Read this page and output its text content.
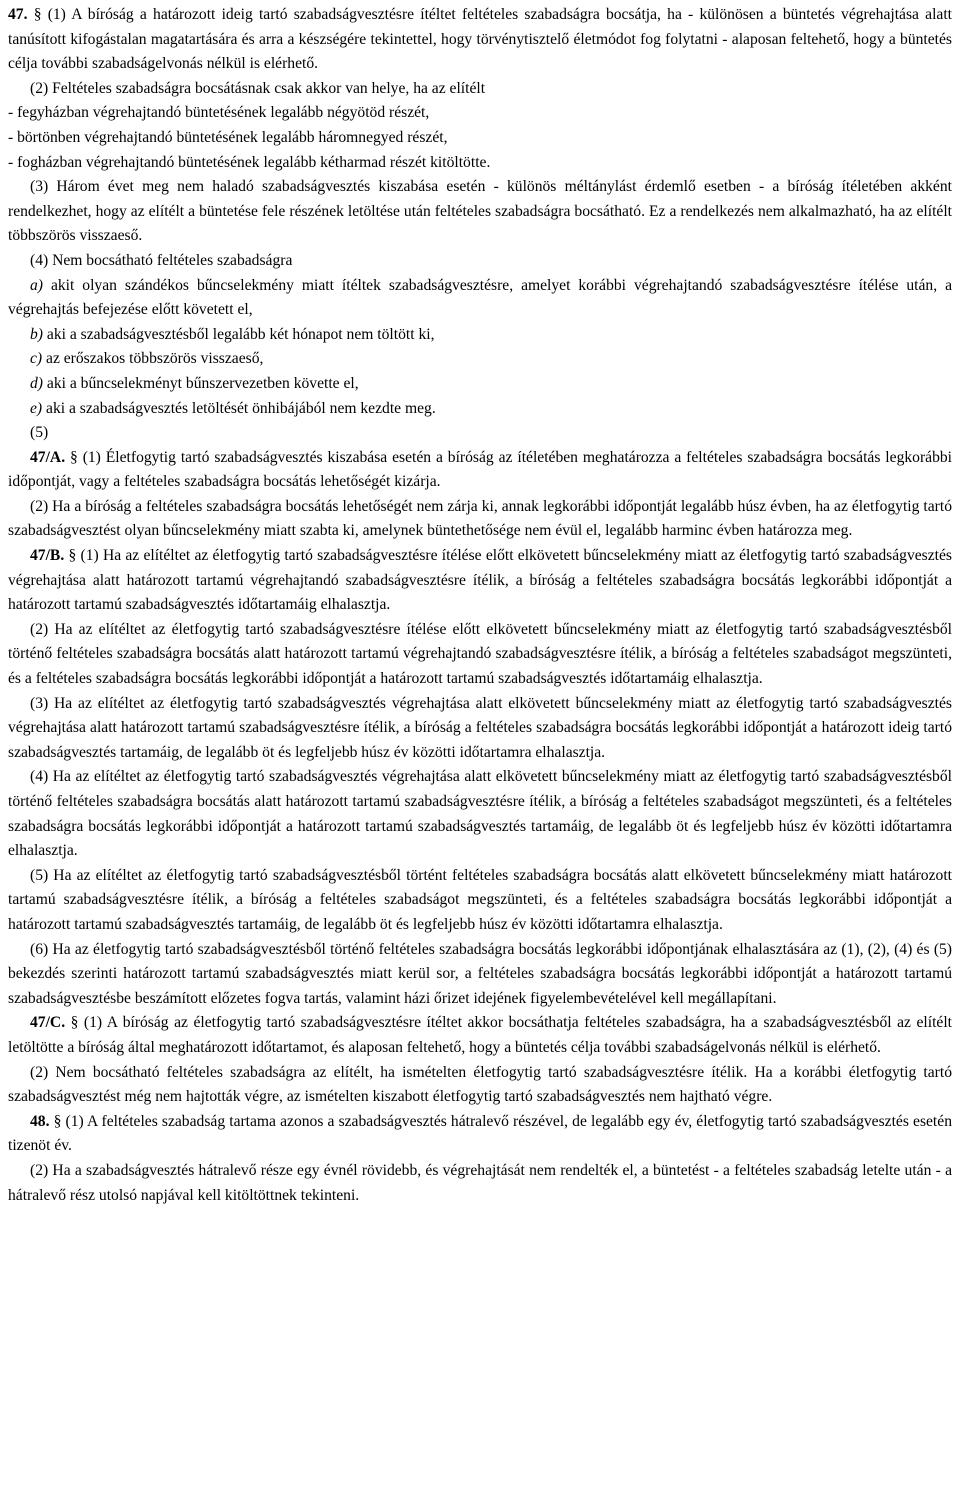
47. § (1) A bíróság a határozott ideig tartó szabadságvesztésre ítéltet feltételes szabadságra bocsátja, ha - különösen a büntetés végrehajtása alatt tanúsított kifogástalan magatartására és arra a készségére tekintettel, hogy törvénytisztelő életmódot fog folytatni - alaposan feltehető, hogy a büntetés célja további szabadságelvonás nélkül is elérhető.

(2) Feltételes szabadságra bocsátásnak csak akkor van helye, ha az elítélt

- fegyházban végrehajtandó büntetésének legalább négyötöd részét,

- börtönben végrehajtandó büntetésének legalább háromnegyed részét,

- fogházban végrehajtandó büntetésének legalább kétharmad részét kitöltötte.

(3) Három évet meg nem haladó szabadságvesztés kiszabása esetén - különös méltánylást érdemlő esetben - a bíróság ítéletében akként rendelkezhet, hogy az elítélt a büntetése fele részének letöltése után feltételes szabadságra bocsátható. Ez a rendelkezés nem alkalmazható, ha az elítélt többszörös visszaeső.

(4) Nem bocsátható feltételes szabadságra

a) akit olyan szándékos bűncselekmény miatt ítéltek szabadságvesztésre, amelyet korábbi végrehajtandó szabadságvesztésre ítélése után, a végrehajtás befejezése előtt követett el,

b) aki a szabadságvesztésből legalább két hónapot nem töltött ki,

c) az erőszakos többszörös visszaeső,

d) aki a bűncselekményt bűnszervezetben követte el,

e) aki a szabadságvesztés letöltését önhibájából nem kezdte meg.

(5)

47/A. § (1) Életfogytig tartó szabadságvesztés kiszabása esetén a bíróság az ítéletében meghatározza a feltételes szabadságra bocsátás legkorábbi időpontját, vagy a feltételes szabadságra bocsátás lehetőségét kizárja.

(2) Ha a bíróság a feltételes szabadságra bocsátás lehetőségét nem zárja ki, annak legkorábbi időpontját legalább húsz évben, ha az életfogytig tartó szabadságvesztést olyan bűncselekmény miatt szabta ki, amelynek büntethetősége nem évül el, legalább harminc évben határozza meg.

47/B. § (1) Ha az elítéltet az életfogytig tartó szabadságvesztésre ítélése előtt elkövetett bűncselekmény miatt az életfogytig tartó szabadságvesztés végrehajtása alatt határozott tartamú végrehajtandó szabadságvesztésre ítélik, a bíróság a feltételes szabadságra bocsátás legkorábbi időpontját a határozott tartamú szabadságvesztés időtartamáig elhalasztja.

(2) Ha az elítéltet az életfogytig tartó szabadságvesztésre ítélése előtt elkövetett bűncselekmény miatt az életfogytig tartó szabadságvesztésből történő feltételes szabadságra bocsátás alatt határozott tartamú végrehajtandó szabadságvesztésre ítélik, a bíróság a feltételes szabadságot megszünteti, és a feltételes szabadságra bocsátás legkorábbi időpontját a határozott tartamú szabadságvesztés időtartamáig elhalasztja.

(3) Ha az elítéltet az életfogytig tartó szabadságvesztés végrehajtása alatt elkövetett bűncselekmény miatt az életfogytig tartó szabadságvesztés végrehajtása alatt határozott tartamú szabadságvesztésre ítélik, a bíróság a feltételes szabadságra bocsátás legkorábbi időpontját a határozott ideig tartó szabadságvesztés tartamáig, de legalább öt és legfeljebb húsz év közötti időtartamra elhalasztja.

(4) Ha az elítéltet az életfogytig tartó szabadságvesztés végrehajtása alatt elkövetett bűncselekmény miatt az életfogytig tartó szabadságvesztésből történő feltételes szabadságra bocsátás alatt határozott tartamú szabadságvesztésre ítélik, a bíróság a feltételes szabadságot megszünteti, és a feltételes szabadságra bocsátás legkorábbi időpontját a határozott tartamú szabadságvesztés tartamáig, de legalább öt és legfeljebb húsz év közötti időtartamra elhalasztja.

(5) Ha az elítéltet az életfogytig tartó szabadságvesztésből történt feltételes szabadságra bocsátás alatt elkövetett bűncselekmény miatt határozott tartamú szabadságvesztésre ítélik, a bíróság a feltételes szabadságot megszünteti, és a feltételes szabadságra bocsátás legkorábbi időpontját a határozott tartamú szabadságvesztés tartamáig, de legalább öt és legfeljebb húsz év közötti időtartamra elhalasztja.

(6) Ha az életfogytig tartó szabadságvesztésből történő feltételes szabadságra bocsátás legkorábbi időpontjának elhalasztására az (1), (2), (4) és (5) bekezdés szerinti határozott tartamú szabadságvesztés miatt kerül sor, a feltételes szabadságra bocsátás legkorábbi időpontját a határozott tartamú szabadságvesztésbe beszámított előzetes fogva tartás, valamint házi őrizet idejének figyelembevételével kell megállapítani.

47/C. § (1) A bíróság az életfogytig tartó szabadságvesztésre ítéltet akkor bocsáthatja feltételes szabadságra, ha a szabadságvesztésből az elítélt letöltötte a bíróság által meghatározott időtartamot, és alaposan feltehető, hogy a büntetés célja további szabadságelvonás nélkül is elérhető.

(2) Nem bocsátható feltételes szabadságra az elítélt, ha ismételten életfogytig tartó szabadságvesztésre ítélik. Ha a korábbi életfogytig tartó szabadságvesztést még nem hajtották végre, az ismételten kiszabott életfogytig tartó szabadságvesztés nem hajtható végre.

48. § (1) A feltételes szabadság tartama azonos a szabadságvesztés hátralevő részével, de legalább egy év, életfogytig tartó szabadságvesztés esetén tizenöt év.

(2) Ha a szabadságvesztés hátralevő része egy évnél rövidebb, és végrehajtását nem rendelték el, a büntetést - a feltételes szabadság letelte után - a hátralevő rész utolsó napjával kell kitöltöttnek tekinteni.
